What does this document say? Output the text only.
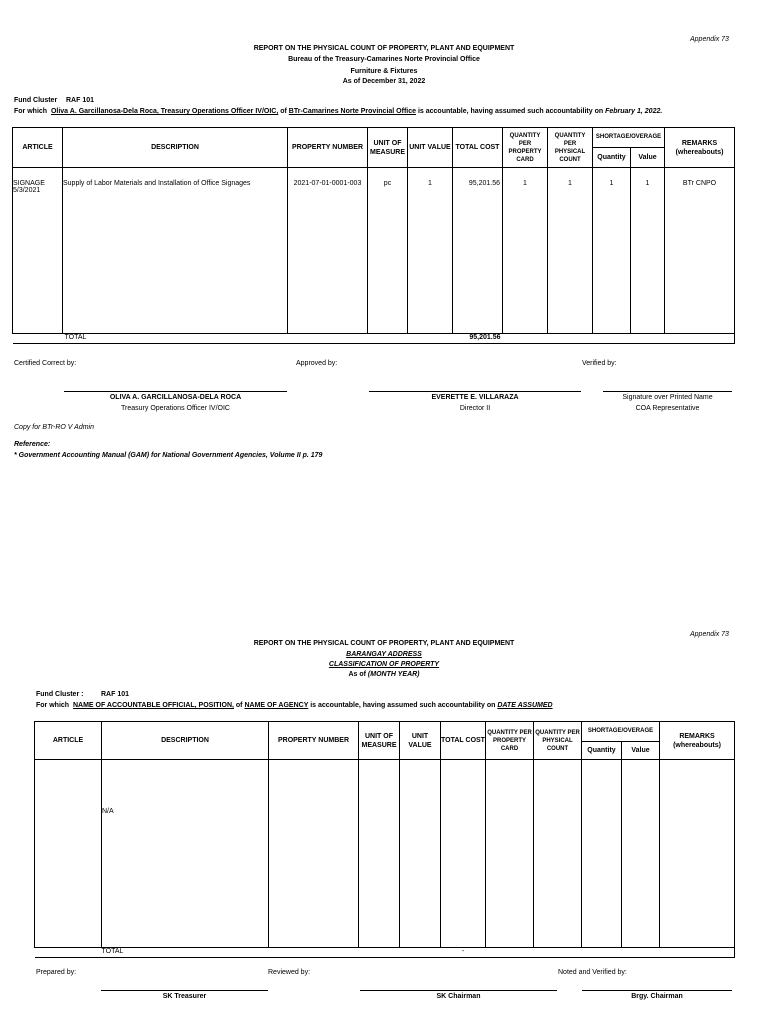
Appendix 73
REPORT ON THE PHYSICAL COUNT OF PROPERTY, PLANT AND EQUIPMENT
Bureau of the Treasury-Camarines Norte Provincial Office
Furniture & Fixtures
As of December 31, 2022
Fund Cluster RAF 101
For which Oliva A. Garcillanosa-Dela Roca, Treasury Operations Officer IV/OIC, of BTr-Camarines Norte Provincial Office is accountable, having assumed such accountability on February 1, 2022.
ARTICLE	DESCRIPTION	PROPERTY NUMBER	UNIT OF MEASURE	UNIT VALUE	TOTAL COST	QUANTITY PER PROPERTY CARD	QUANTITY PER PHYSICAL COUNT	SHORTAGE/OVERAGE		REMARKS (whereabouts)
								Quantity	Value	

SIGNAGE
5/3/2021	Supply of Labor Materials and Installation of Office Signages	2021-07-01-0001-003	pc	1	95,201.56	1	1	1	1	BTr CNPO
	TOTAL				95,201.56					
Certified Correct by:	Approved by:	Verified by:
OLIVA A. GARCILLANOSA-DELA ROCA
Treasury Operations Officer IV/OIC
EVERETTE E. VILLARAZA
Director II
Signature over Printed Name
COA Representative
Copy for BTr-RO V Admin
Reference:
* Government Accounting Manual (GAM) for National Government Agencies, Volume II p. 179
Appendix 73
REPORT ON THE PHYSICAL COUNT OF PROPERTY, PLANT AND EQUIPMENT
BARANGAY ADDRESS
CLASSIFICATION OF PROPERTY
As of (MONTH YEAR)
Fund Cluster :	RAF 101
For which NAME OF ACCOUNTABLE OFFICIAL, POSITION, of NAME OF AGENCY is accountable, having assumed such accountability on DATE ASSUMED
ARTICLE	DESCRIPTION	PROPERTY NUMBER	UNIT OF MEASURE	UNIT VALUE	TOTAL COST	QUANTITY PER PROPERTY CARD	QUANTITY PER PHYSICAL COUNT	SHORTAGE/OVERAGE		REMARKS (whereabouts)
								Quantity	Value	
	N/A									
	TOTAL				-					
Prepared by:	Reviewed by:	Noted and Verified by:
SK Treasurer	SK Chairman	Brgy. Chairman
